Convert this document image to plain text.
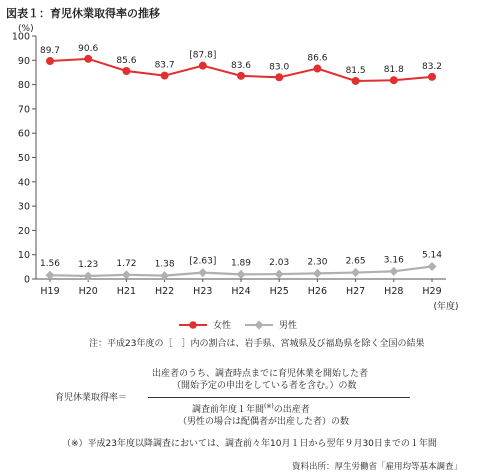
図表１：育児休業取得率の推移
0
10
20
30
40
50
60
70
80
90
100
(%)
H19 H20 H21 H22 H23 H24 H25 H26 H27 H28 H29
(年度)
89.7 90.6
85.6 83.7
[87.8]
83.6 83.0
86.6
81.5 81.8 83.2
1.56 1.23 1.72 1.38 [2.63] 1.89 2.03 2.30 2.65 3.16 5.14
女性	男性
注：平成23年度の［　］内の割合は、岩手県、宮城県及び福島県を除く全国の結果
出産者のうち、調査時点までに育児休業を開始した者
（開始予定の申出をしている者を含む。）の数
育児休業取得率＝
調査前年度１年間(※)の出産者
（男性の場合は配偶者が出産した者）の数
（※）平成23年度以降調査においては、調査前々年10月１日から翌年９月30日までの１年間
資料出所：厚生労働省「雇用均等基本調査」
